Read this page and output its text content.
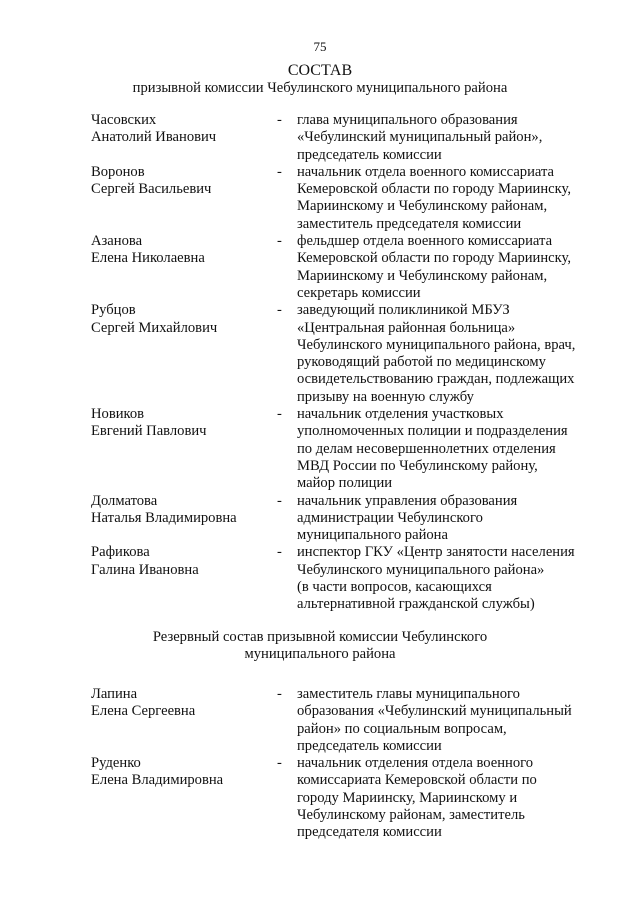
75
СОСТАВ
призывной комиссии Чебулинского муниципального района
Часовских
Анатолий Иванович
-	глава муниципального образования
«Чебулинский муниципальный район»,
председатель комиссии
Воронов
Сергей Васильевич
-	начальник отдела военного комиссариата
Кемеровской области по городу Мариинску,
Мариинскому и Чебулинскому районам,
заместитель председателя комиссии
Азанова
Елена Николаевна
-	фельдшер отдела военного комиссариата
Кемеровской области по городу Мариинску,
Мариинскому и Чебулинскому районам,
секретарь комиссии
Рубцов
Сергей Михайлович
-	заведующий поликлиникой МБУЗ
«Центральная районная больница»
Чебулинского муниципального района, врач,
руководящий работой по медицинскому
освидетельствованию граждан, подлежащих
призыву на военную службу
Новиков
Евгений Павлович
-	начальник отделения участковых
уполномоченных полиции и подразделения
по делам несовершеннолетних отделения
МВД России по Чебулинскому району,
майор полиции
Долматова
Наталья Владимировна
-	начальник управления образования
администрации Чебулинского
муниципального района
Рафикова
Галина Ивановна
-	инспектор ГКУ «Центр занятости населения
Чебулинского муниципального района»
(в части вопросов, касающихся
альтернативной гражданской службы)
Резервный состав призывной комиссии Чебулинского
муниципального района
Лапина
Елена Сергеевна
-	заместитель главы муниципального
образования «Чебулинский муниципальный
район» по социальным вопросам,
председатель комиссии
Руденко
Елена Владимировна
-	начальник отделения отдела военного
комиссариата Кемеровской области по
городу Мариинску, Мариинскому и
Чебулинскому районам, заместитель
председателя комиссии
